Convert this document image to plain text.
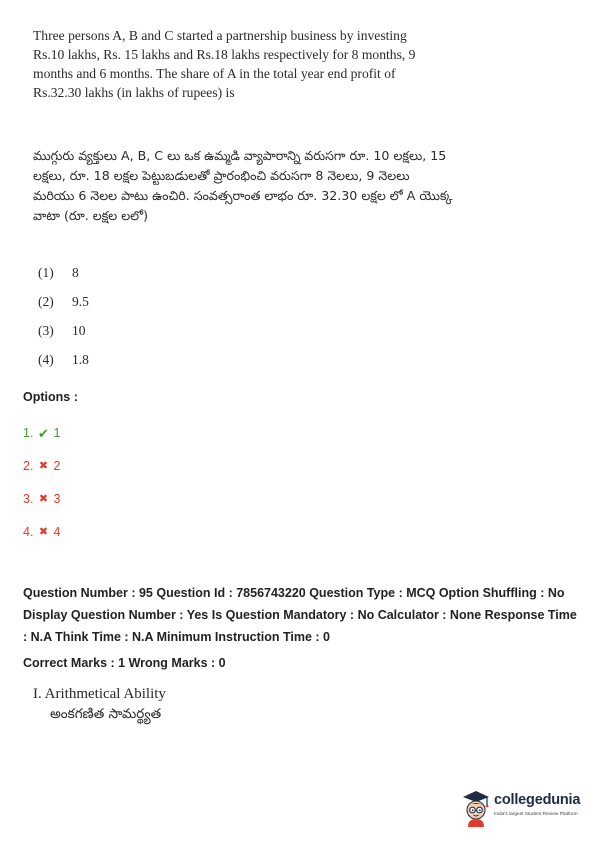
Three persons A, B and C started a partnership business by investing Rs.10 lakhs, Rs. 15 lakhs and Rs.18 lakhs respectively for 8 months, 9 months and 6 months. The share of A in the total year end profit of Rs.32.30 lakhs (in lakhs of rupees) is
ముగ్గురు వ్యక్తులు A, B, C లు ఒక ఉమ్మడి వ్యాపారాన్ని వరుసగా రూ. 10 లక్షలు, 15 లక్షలు, రూ. 18 లక్షల పెట్టుబడులతో ప్రారంభించి వరుసగా 8 నెలలు, 9 నెలలు మరియు 6 నెలల పాటు ఉంచిరి. సంవత్సరాంత లాభం రూ. 32.30 లక్షల లో A యొక్క వాటా (రూ. లక్షల లలో)
(1)	8
(2)	9.5
(3)	10
(4)	1.8
Options :
1. ✔ 1
2. ✖ 2
3. ✖ 3
4. ✖ 4
Question Number : 95 Question Id : 7856743220 Question Type : MCQ Option Shuffling : No Display Question Number : Yes Is Question Mandatory : No Calculator : None Response Time : N.A Think Time : N.A Minimum Instruction Time : 0
Correct Marks : 1 Wrong Marks : 0
I. Arithmetical Ability
అంకగణిత సామర్థ్యత
collegedunia
India's largest Student Review Platform
